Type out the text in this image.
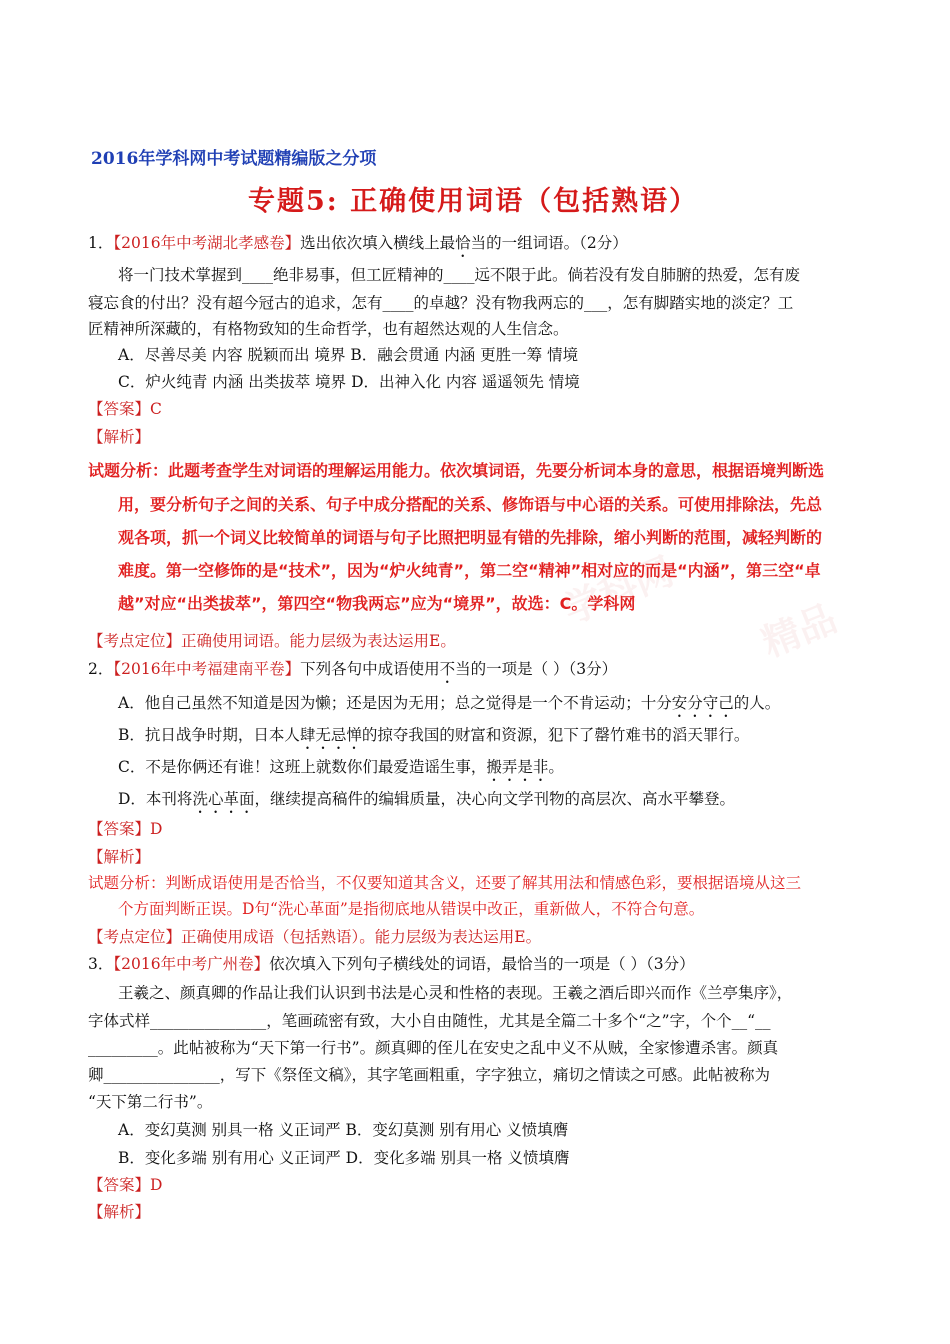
学科网 精品
2016年学科网中考试题精编版之分项
专题5: 正确使用词语（包括熟语）
1．【2016年中考湖北孝感卷】选出依次填入横线上最恰当的一组词语。（2分）
将一门技术掌握到____绝非易事，但工匠精神的____远不限于此。倘若没有发自肺腑的热爱，怎有废
寝忘食的付出？没有超今冠古的追求，怎有____的卓越？没有物我两忘的___，怎有脚踏实地的淡定？工
匠精神所深藏的，有格物致知的生命哲学，也有超然达观的人生信念。
A．尽善尽美 内容 脱颖而出 境界 B．融会贯通 内涵 更胜一筹 情境
C．炉火纯青 内涵 出类拔萃 境界 D．出神入化 内容 遥遥领先 情境
【答案】C
【解析】
试题分析：此题考查学生对词语的理解运用能力。依次填词语，先要分析词本身的意思，根据语境判断选
用，要分析句子之间的关系、句子中成分搭配的关系、修饰语与中心语的关系。可使用排除法，先总
观各项，抓一个词义比较简单的词语与句子比照把明显有错的先排除，缩小判断的范围，减轻判断的
难度。第一空修饰的是“技术”，因为“炉火纯青”，第二空“精神”相对应的而是“内涵”，第三空“卓
越”对应“出类拔萃”，第四空“物我两忘”应为“境界”，故选：C。学科网
【考点定位】正确使用词语。能力层级为表达运用E。
2．【2016年中考福建南平卷】下列各句中成语使用不当的一项是（ ）（3分）
A．他自己虽然不知道是因为懒；还是因为无用；总之觉得是一个不肯运动；十分安分守己的人。
B．抗日战争时期，日本人肆无忌惮的掠夺我国的财富和资源，犯下了罄竹难书的滔天罪行。
C．不是你俩还有谁！这班上就数你们最爱造谣生事，搬弄是非。
D．本刊将洗心革面，继续提高稿件的编辑质量，决心向文学刊物的高层次、高水平攀登。
【答案】D
【解析】
试题分析：判断成语使用是否恰当，不仅要知道其含义，还要了解其用法和情感色彩，要根据语境从这三
个方面判断正误。D句“洗心革面”是指彻底地从错误中改正，重新做人，不符合句意。
【考点定位】正确使用成语（包括熟语）。能力层级为表达运用E。
3．【2016年中考广州卷】依次填入下列句子横线处的词语，最恰当的一项是（ ）（3分）
王羲之、颜真卿的作品让我们认识到书法是心灵和性格的表现。王羲之酒后即兴而作《兰亭集序》，
字体式样_______________，笔画疏密有致，大小自由随性，尤其是全篇二十多个“之”字，个个__“__
_________。此帖被称为“天下第一行书”。颜真卿的侄儿在安史之乱中义不从贼，全家惨遭杀害。颜真
卿_______________，写下《祭侄文稿》，其字笔画粗重，字字独立，痛切之情读之可感。此帖被称为
“天下第二行书”。
A．变幻莫测 别具一格 义正词严 B．变幻莫测 别有用心 义愤填膺
B．变化多端 别有用心 义正词严 D．变化多端 别具一格 义愤填膺
【答案】D
【解析】
